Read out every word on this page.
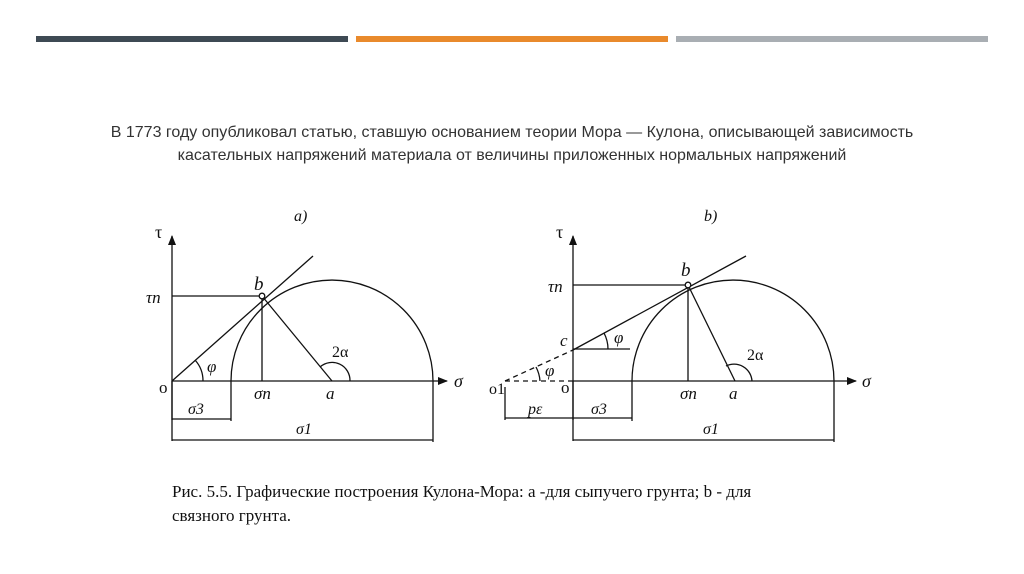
В 1773 году опубликовал статью, ставшую основанием теории Мора — Кулона, описывающей зависимость
касательных напряжений материала от величины приложенных нормальных напряжений
a)
τ
σ
τn
b
o
φ
2α
σn	a
σ3
σ1
b)
τ
σ
τn
b
c	φ
φ
o1	o
2α
σn a
pε	σ3
σ1
Рис. 5.5. Графические построения Кулона-Мора: a -для сыпучего грунта; b - для
связного грунта.
